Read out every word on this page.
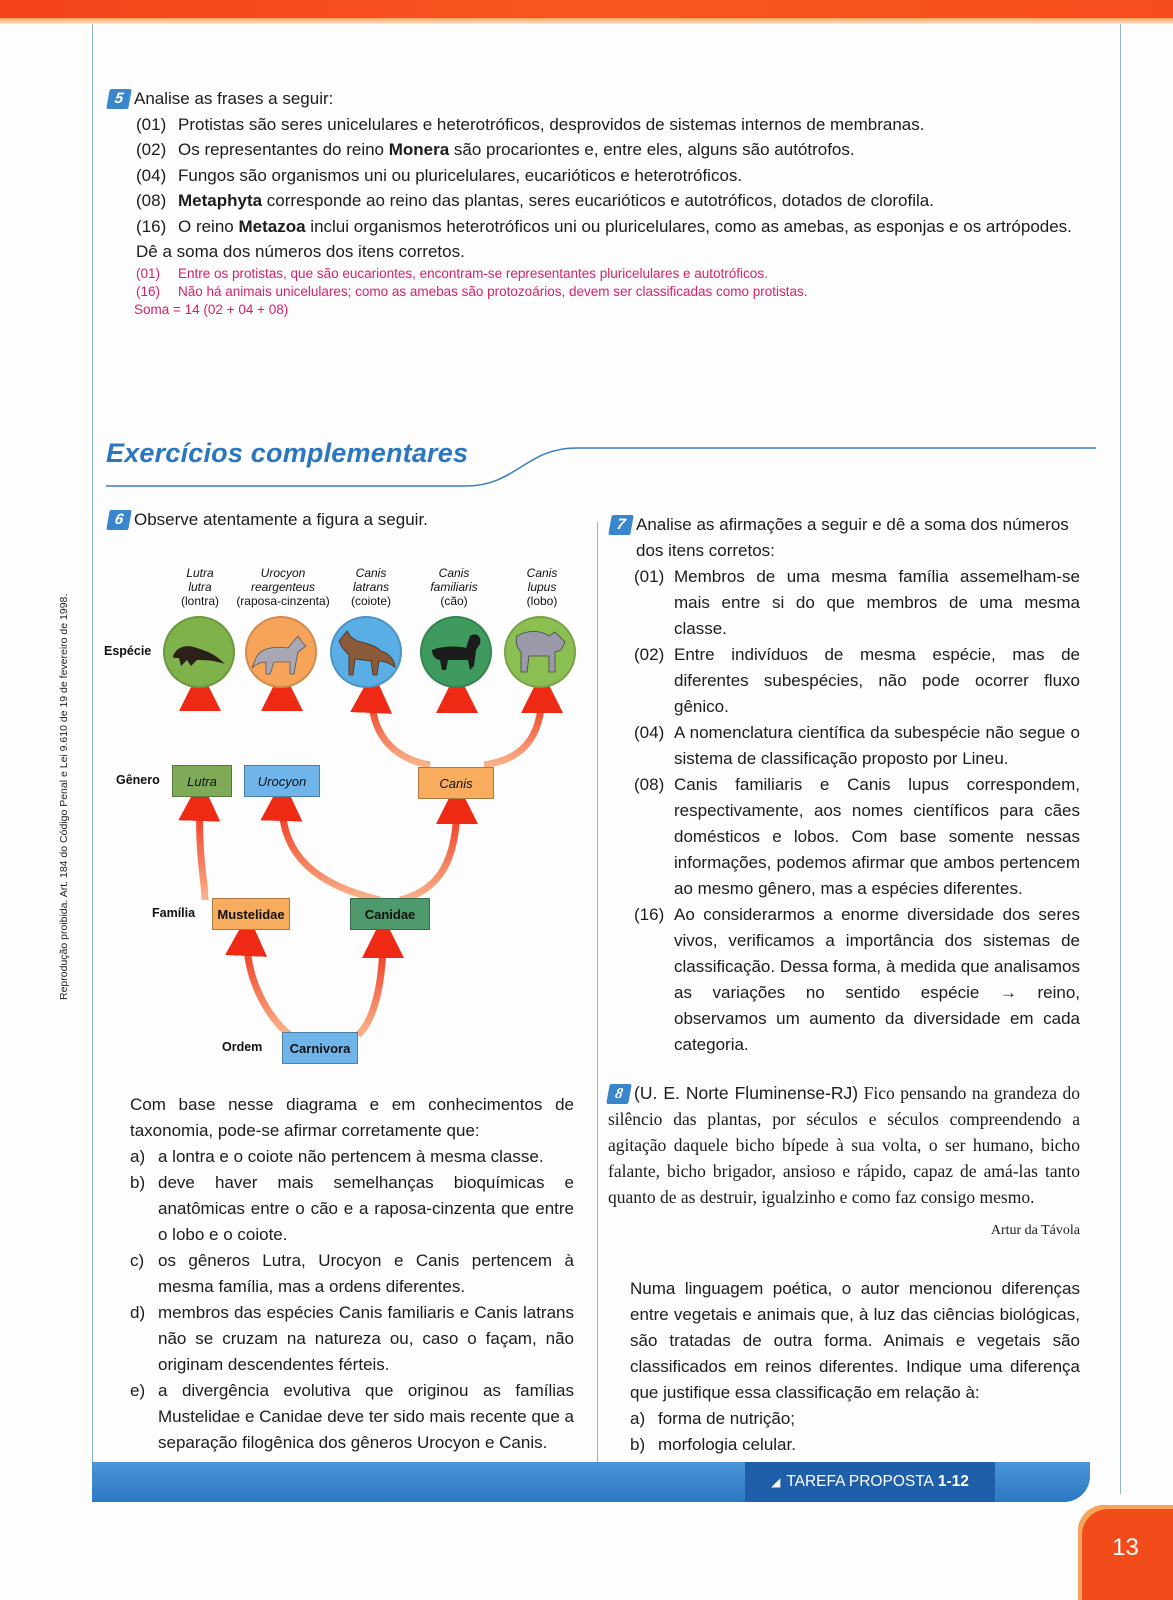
Reprodução proibida. Art. 184 do Código Penal e Lei 9.610 de 19 de fevereiro de 1998.
5 Analise as frases a seguir:
(01) Protistas são seres unicelulares e heterotróficos, desprovidos de sistemas internos de membranas.
(02) Os representantes do reino Monera são procariontes e, entre eles, alguns são autótrofos.
(04) Fungos são organismos uni ou pluricelulares, eucarióticos e heterotróficos.
(08) Metaphyta corresponde ao reino das plantas, seres eucarióticos e autotróficos, dotados de clorofila.
(16) O reino Metazoa inclui organismos heterotróficos uni ou pluricelulares, como as amebas, as esponjas e os artrópodes.
Dê a soma dos números dos itens corretos.
(01)	Entre os protistas, que são eucariontes, encontram-se representantes pluricelulares e autotróficos.
(16)	Não há animais unicelulares; como as amebas são protozoários, devem ser classificadas como protistas.
Soma = 14 (02 + 04 + 08)
Exercícios complementares
6 Observe atentamente a figura a seguir.
Lutra
lutra
(lontra)
Urocyon
reargenteus
(raposa-cinzenta)
Canis
latrans
(coiote)
Canis
familiaris
(cão)
Canis
lupus
(lobo)
Espécie
Gênero	Lutra	Urocyon	Canis
Família	Mustelidae	Canidae
Ordem	Carnivora
Com base nesse diagrama e em conhecimentos de taxonomia, pode-se afirmar corretamente que:
a) a lontra e o coiote não pertencem à mesma classe.
b) deve haver mais semelhanças bioquímicas e anatômicas entre o cão e a raposa-cinzenta que entre o lobo e o coiote.
c) os gêneros Lutra, Urocyon e Canis pertencem à mesma família, mas a ordens diferentes.
d) membros das espécies Canis familiaris e Canis latrans não se cruzam na natureza ou, caso o façam, não originam descendentes férteis.
e) a divergência evolutiva que originou as famílias Mustelidae e Canidae deve ter sido mais recente que a separação filogênica dos gêneros Urocyon e Canis.
7 Analise as afirmações a seguir e dê a soma dos números
dos itens corretos:
(01) Membros de uma mesma família assemelham-se mais entre si do que membros de uma mesma classe.
(02) Entre indivíduos de mesma espécie, mas de diferentes subespécies, não pode ocorrer fluxo gênico.
(04) A nomenclatura científica da subespécie não segue o sistema de classificação proposto por Lineu.
(08) Canis familiaris e Canis lupus correspondem, respectivamente, aos nomes científicos para cães domésticos e lobos. Com base somente nessas informações, podemos afirmar que ambos pertencem ao mesmo gênero, mas a espécies diferentes.
(16) Ao considerarmos a enorme diversidade dos seres vivos, verificamos a importância dos sistemas de classificação. Dessa forma, à medida que analisamos as variações no sentido espécie → reino, observamos um aumento da diversidade em cada categoria.
8 (U. E. Norte Fluminense-RJ) Fico pensando na grandeza do silêncio das plantas, por séculos e séculos compreendendo a agitação daquele bicho bípede à sua volta, o ser humano, bicho falante, bicho brigador, ansioso e rápido, capaz de amá-las tanto quanto de as destruir, igualzinho e como faz consigo mesmo.
Artur da Távola
Numa linguagem poética, o autor mencionou diferenças entre vegetais e animais que, à luz das ciências biológicas, são tratadas de outra forma. Animais e vegetais são classificados em reinos diferentes. Indique uma diferença que justifique essa classificação em relação à:
a) forma de nutrição;
b) morfologia celular.
◢ TAREFA PROPOSTA 1-12
13
